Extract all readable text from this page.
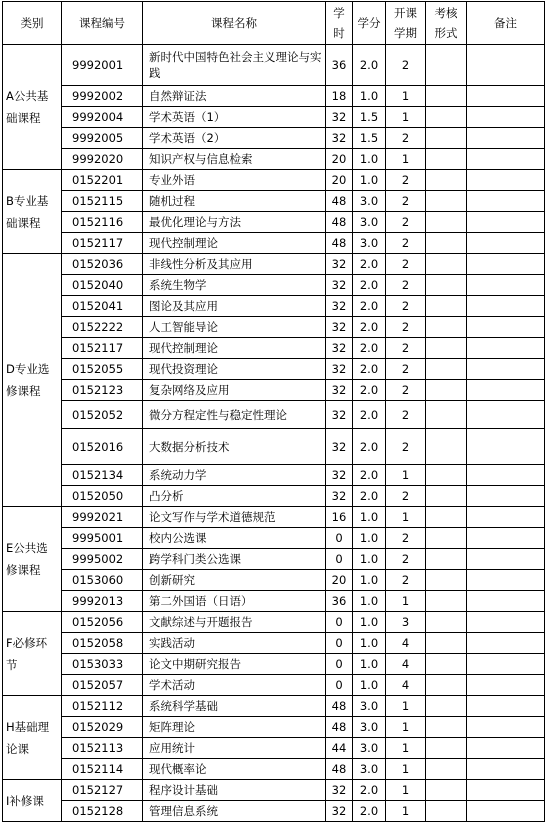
类别	课程编号	课程名称	学时	学分	开课学期	考核形式	备注
A公共基础课程	9992001	新时代中国特色社会主义理论与实践	36	2.0	2		
	9992002	自然辩证法	18	1.0	1		
	9992004	学术英语（1）	32	1.5	1		
	9992005	学术英语（2）	32	1.5	2		
	9992020	知识产权与信息检索	20	1.0	1		
B专业基础课程	0152201	专业外语	20	1.0	2		
	0152115	随机过程	48	3.0	2		
	0152116	最优化理论与方法	48	3.0	2		
	0152117	现代控制理论	48	3.0	2		
D专业选修课程	0152036	非线性分析及其应用	32	2.0	2		
	0152040	系统生物学	32	2.0	2		
	0152041	图论及其应用	32	2.0	2		
	0152222	人工智能导论	32	2.0	2		
	0152117	现代控制理论	32	2.0	2		
	0152055	现代投资理论	32	2.0	2		
	0152123	复杂网络及应用	32	2.0	2		
	0152052	微分方程定性与稳定性理论	32	2.0	2		
	0152016	大数据分析技术	32	2.0	2		
	0152134	系统动力学	32	2.0	1		
	0152050	凸分析	32	2.0	2		
E公共选修课程	9992021	论文写作与学术道德规范	16	1.0	1		
	9995001	校内公选课	0	1.0	2		
	9995002	跨学科门类公选课	0	1.0	2		
	0153060	创新研究	20	1.0	2		
	9992013	第二外国语（日语）	36	1.0	1		
F必修环节	0152056	文献综述与开题报告	0	1.0	3		
	0152058	实践活动	0	1.0	4		
	0153033	论文中期研究报告	0	1.0	4		
	0152057	学术活动	0	1.0	4		
H基础理论课	0152112	系统科学基础	48	3.0	1		
	0152029	矩阵理论	48	3.0	1		
	0152113	应用统计	44	3.0	1		
	0152114	现代概率论	48	3.0	1		
I补修课	0152127	程序设计基础	32	2.0	1		
	0152128	管理信息系统	32	2.0	1		
